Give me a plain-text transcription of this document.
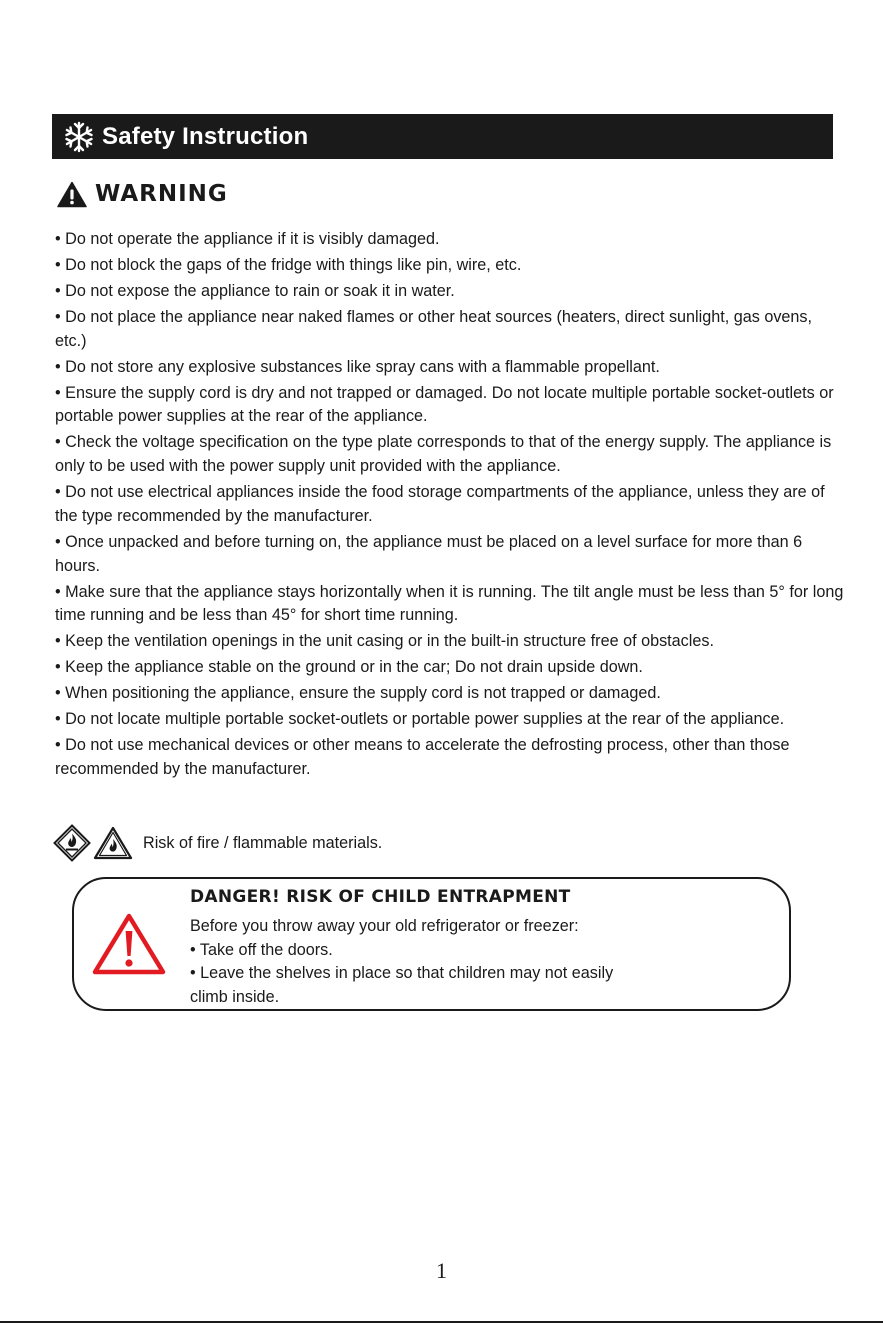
Safety Instruction
WARNING
• Do not operate the appliance if it is visibly damaged.
• Do not block the gaps of the fridge with things like pin, wire, etc.
• Do not expose the appliance to rain or soak it in water.
• Do not place the appliance near naked flames or other heat sources (heaters, direct sunlight, gas ovens, etc.)
• Do not store any explosive substances like spray cans with a flammable propellant.
• Ensure the supply cord is dry and not trapped or damaged. Do not locate multiple portable socket-outlets or portable power supplies at the rear of the appliance.
• Check the voltage specification on the type plate corresponds to that of the energy supply. The appliance is only to be used with the power supply unit provided with the appliance.
• Do not use electrical appliances inside the food storage compartments of the appliance, unless they are of the type recommended by the manufacturer.
• Once unpacked and before turning on, the appliance must be placed on a level surface for more than 6 hours.
• Make sure that the appliance stays horizontally when it is running. The tilt angle must be less than 5° for long time running and be less than 45° for short time running.
• Keep the ventilation openings in the unit casing or in the built-in structure free of obstacles.
• Keep the appliance stable on the ground or in the car; Do not drain upside down.
• When positioning the appliance, ensure the supply cord is not trapped or damaged.
• Do not locate multiple portable socket-outlets or portable power supplies at the rear of the appliance.
• Do not use mechanical devices or other means to accelerate the defrosting process, other than those recommended by the manufacturer.
Risk of fire / flammable materials.
DANGER! RISK OF CHILD ENTRAPMENT
Before you throw away your old refrigerator or freezer:
• Take off the doors.
• Leave the shelves in place so that children may not easily
climb inside.
1
